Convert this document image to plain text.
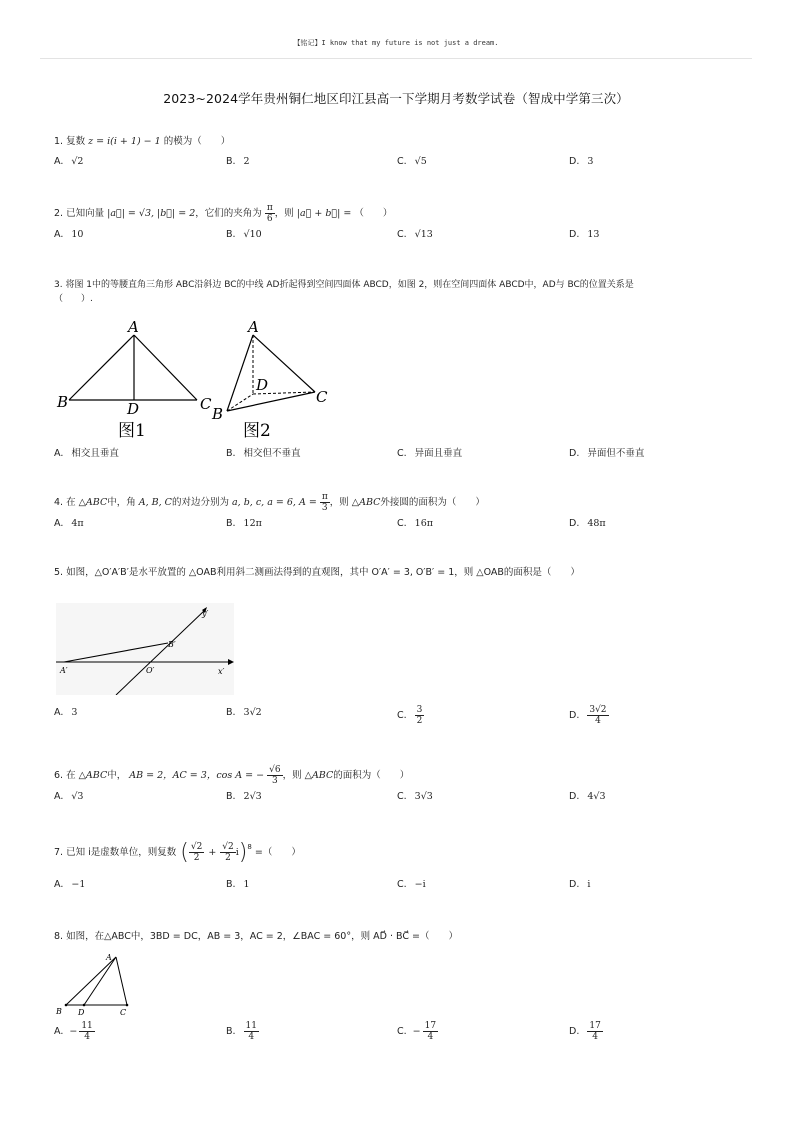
【铭记】I know that my future is not just a dream.
2023~2024学年贵州铜仁地区印江县高一下学期月考数学试卷（智成中学第三次）
1. 复数 z = i(i + 1) − 1 的模为（　　）
A. √2	B. 2	C. √5	D. 3
2. 已知向量 |a⃗| = √3, |b⃗| = 2，它们的夹角为 $\frac{\pi}{6}$ ，则 |a⃗ + b⃗| = （　　）
A. 10	B. √10	C. √13	D. 13
3. 将图 1中的等腰直角三角形 ABC沿斜边 BC的中线 AD折起得到空间四面体 ABCD，如图 2，则在空间四面体 ABCD中，AD与 BC的位置关系是
（　　）.
A
B	C
D
图1
A
B
C
D
图2
A. 相交且垂直	B. 相交但不垂直	C. 异面且垂直	D. 异面但不垂直
4. 在 △ABC中，角 A, B, C的对边分别为 a, b, c, a = 6, $A = \frac{\pi}{3}$ ，则 △ABC外接圆的面积为（　　）
A. 4π	B. 12π	C. 16π	D. 48π
5. 如图，△O′A′B′是水平放置的 △OAB利用斜二测画法得到的直观图，其中 O′A′ = 3, O′B′ = 1，则 △OAB的面积是（　　）
y′
B′
A′	O′	x′
A. 3	B. 3√2	C. $\frac{3}{2}$	D. $\frac{3√2}{4}$
6. 在 △ABC中， AB = 2，AC = 3，cos A = − $\frac{√6}{3}$ ，则 △ABC的面积为（　　）
A. √3	B. 2√3	C. 3√3	D. 4√3
7. 已知 i是虚数单位，则复数 ( $\frac{√2}{2} + \frac{√2}{2}$ i ) 8 =（　　）
A. −1	B. 1	C. −i	D. i
8. 如图，在△ABC中，3BD = DC，AB = 3，AC = 2，∠BAC = 60°，则 AD⃗ · BC⃗ =（　　）
A
B D	C
A. − $\frac{11}{4}$	B. $\frac{11}{4}$	C. − $\frac{17}{4}$	D. $\frac{17}{4}$
